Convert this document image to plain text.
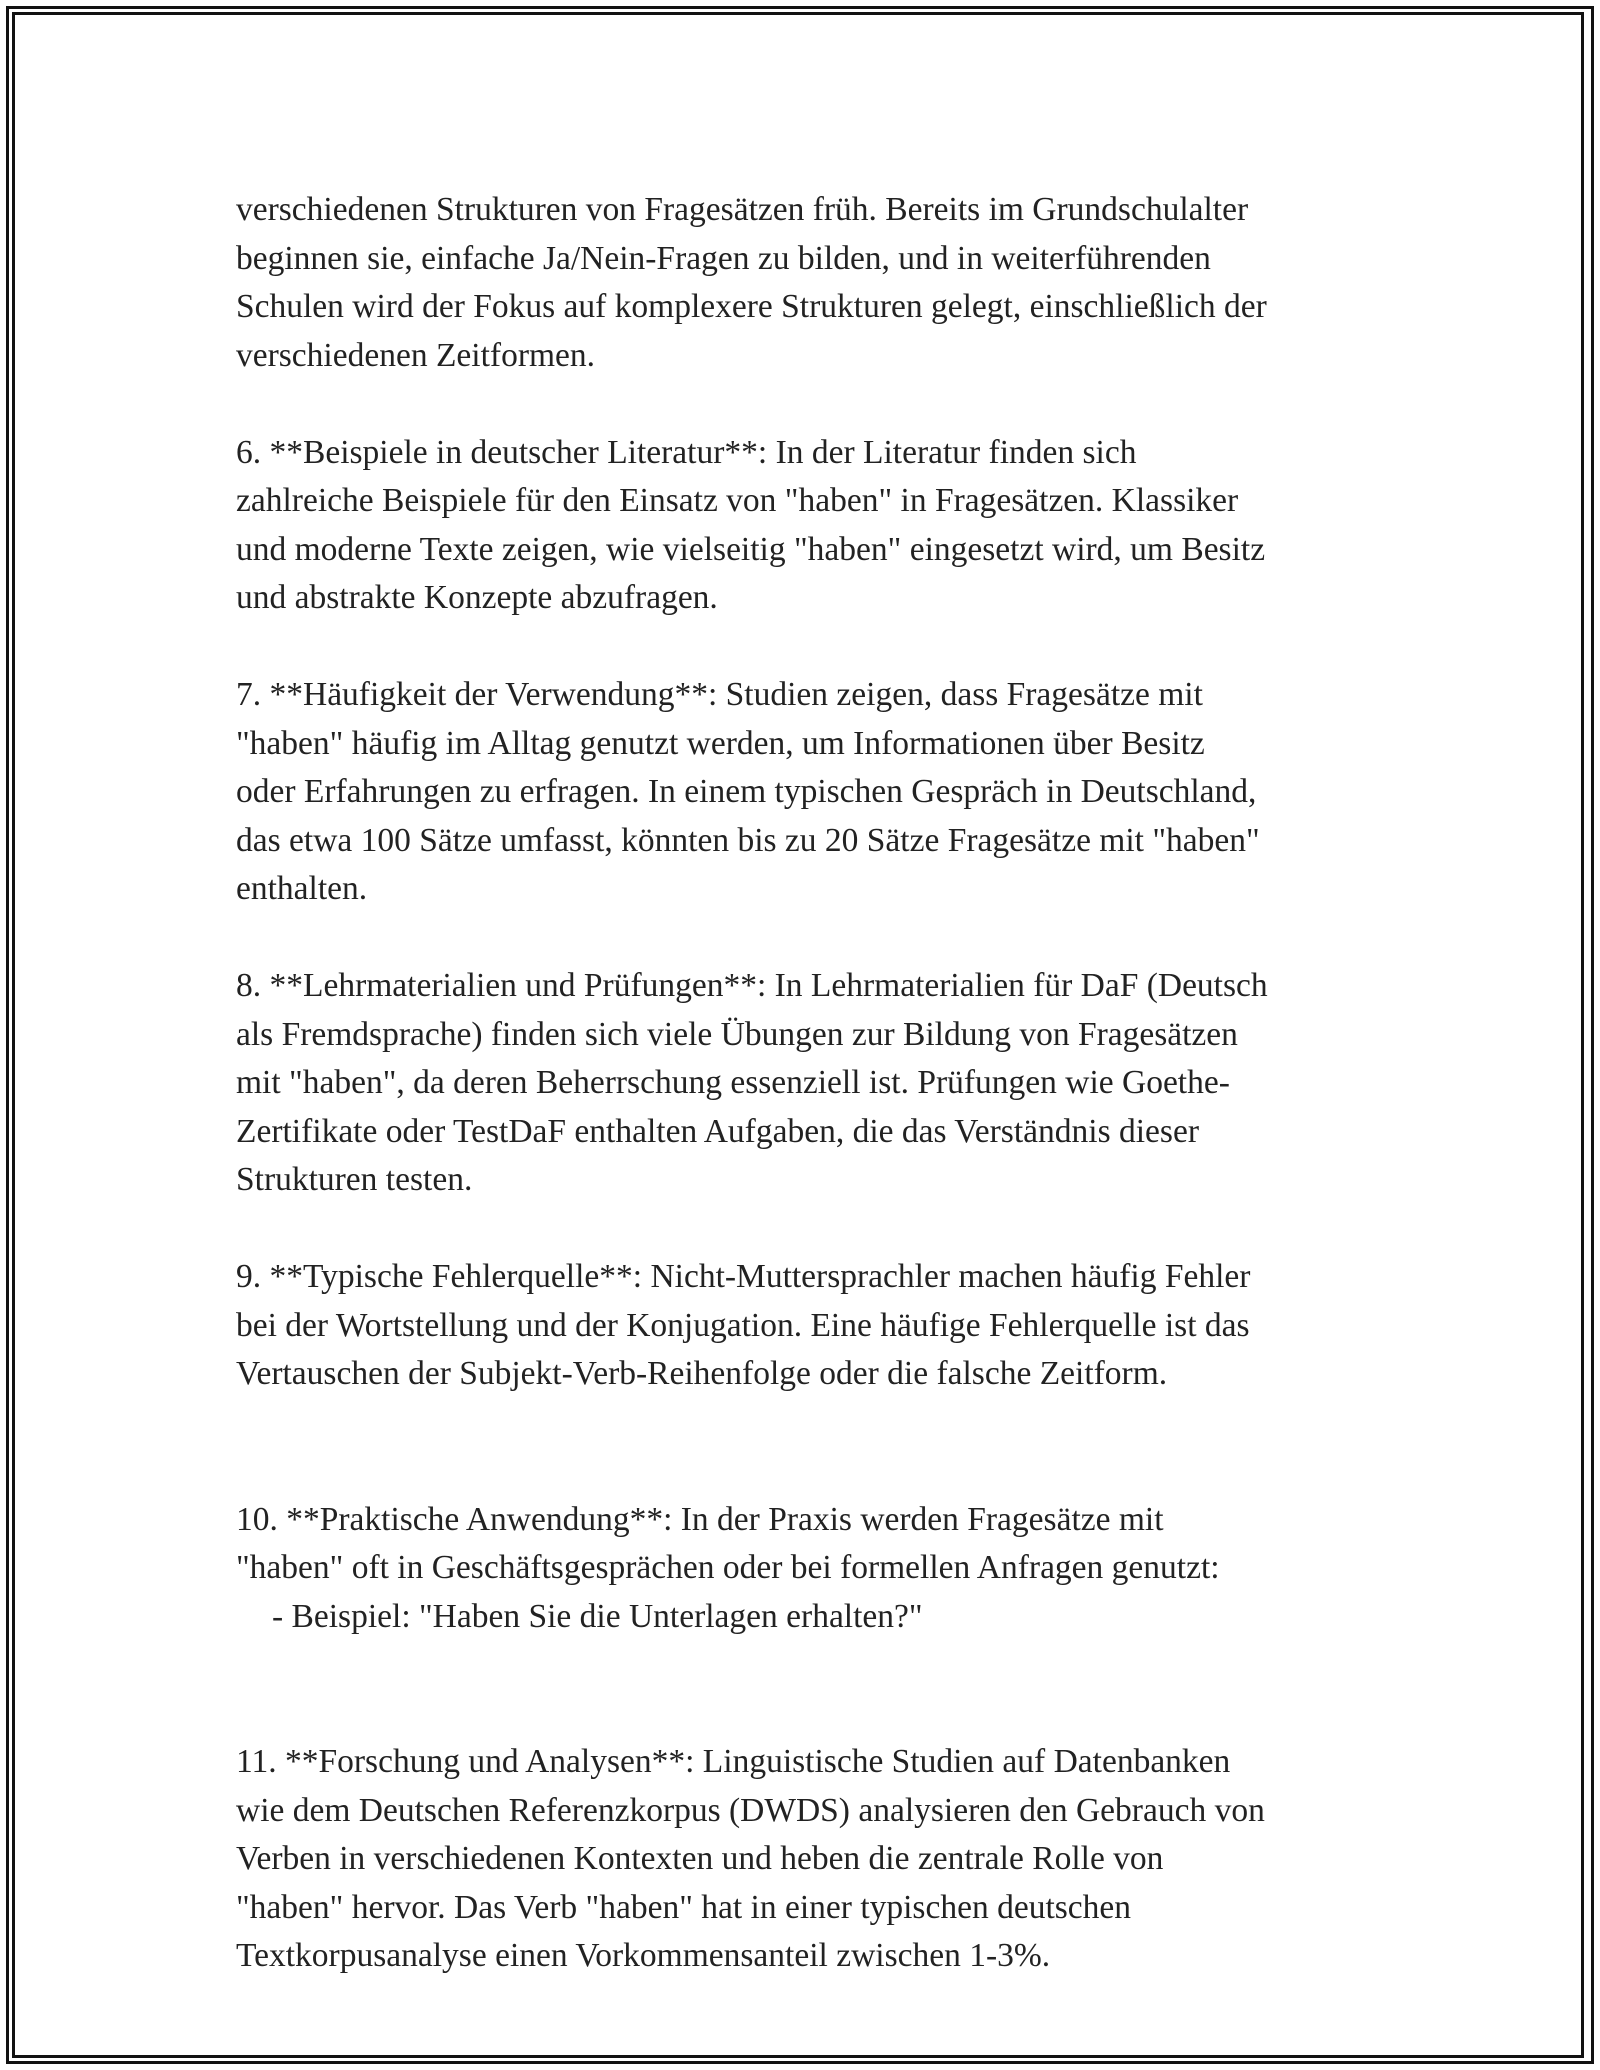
verschiedenen Strukturen von Fragesätzen früh. Bereits im Grundschulalter
beginnen sie, einfache Ja/Nein-Fragen zu bilden, und in weiterführenden
Schulen wird der Fokus auf komplexere Strukturen gelegt, einschließlich der
verschiedenen Zeitformen.

6. **Beispiele in deutscher Literatur**: In der Literatur finden sich
zahlreiche Beispiele für den Einsatz von "haben" in Fragesätzen. Klassiker
und moderne Texte zeigen, wie vielseitig "haben" eingesetzt wird, um Besitz
und abstrakte Konzepte abzufragen.

7. **Häufigkeit der Verwendung**: Studien zeigen, dass Fragesätze mit
"haben" häufig im Alltag genutzt werden, um Informationen über Besitz
oder Erfahrungen zu erfragen. In einem typischen Gespräch in Deutschland,
das etwa 100 Sätze umfasst, könnten bis zu 20 Sätze Fragesätze mit "haben"
enthalten.

8. **Lehrmaterialien und Prüfungen**: In Lehrmaterialien für DaF (Deutsch
als Fremdsprache) finden sich viele Übungen zur Bildung von Fragesätzen
mit "haben", da deren Beherrschung essenziell ist. Prüfungen wie Goethe-
Zertifikate oder TestDaF enthalten Aufgaben, die das Verständnis dieser
Strukturen testen.

9. **Typische Fehlerquelle**: Nicht-Muttersprachler machen häufig Fehler
bei der Wortstellung und der Konjugation. Eine häufige Fehlerquelle ist das
Vertauschen der Subjekt-Verb-Reihenfolge oder die falsche Zeitform.

10. **Praktische Anwendung**: In der Praxis werden Fragesätze mit
"haben" oft in Geschäftsgesprächen oder bei formellen Anfragen genutzt:

- Beispiel: "Haben Sie die Unterlagen erhalten?"

11. **Forschung und Analysen**: Linguistische Studien auf Datenbanken
wie dem Deutschen Referenzkorpus (DWDS) analysieren den Gebrauch von
Verben in verschiedenen Kontexten und heben die zentrale Rolle von
"haben" hervor. Das Verb "haben" hat in einer typischen deutschen
Textkorpusanalyse einen Vorkommensanteil zwischen 1-3%.
